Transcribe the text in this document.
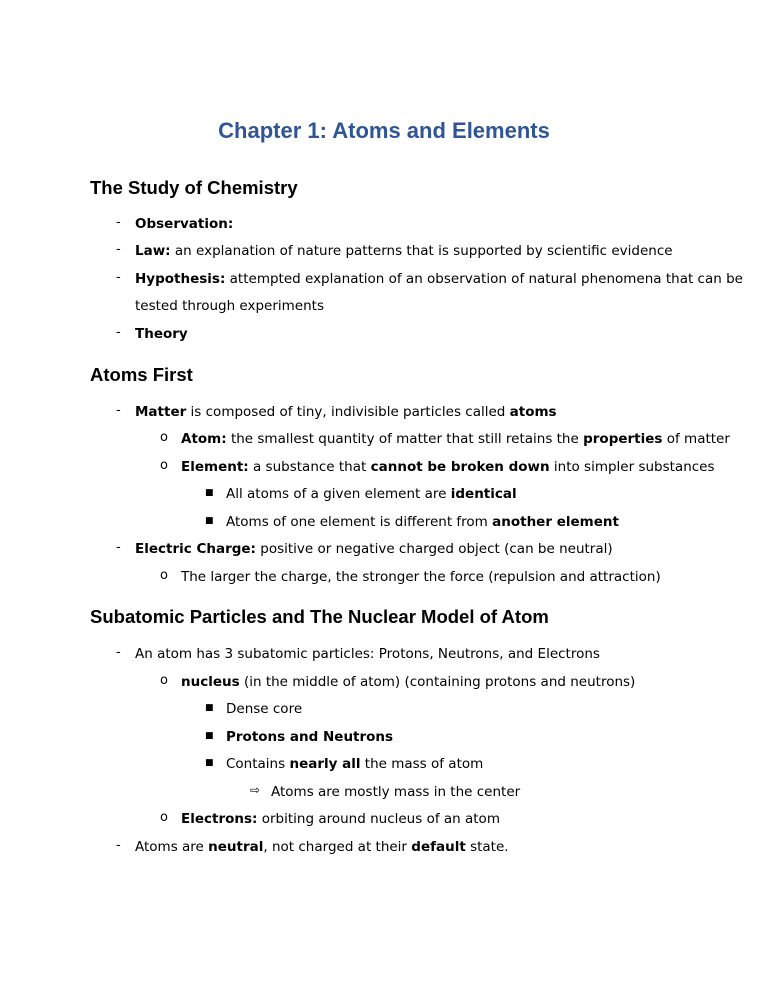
Chapter 1: Atoms and Elements
The Study of Chemistry
- Observation:
- Law: an explanation of nature patterns that is supported by scientific evidence
- Hypothesis: attempted explanation of an observation of natural phenomena that can be
tested through experiments
- Theory
Atoms First
- Matter is composed of tiny, indivisible particles called atoms
o Atom: the smallest quantity of matter that still retains the properties of matter
o Element: a substance that cannot be broken down into simpler substances
■ All atoms of a given element are identical
■ Atoms of one element is different from another element
- Electric Charge: positive or negative charged object (can be neutral)
o The larger the charge, the stronger the force (repulsion and attraction)
Subatomic Particles and The Nuclear Model of Atom
- An atom has 3 subatomic particles: Protons, Neutrons, and Electrons
o nucleus (in the middle of atom) (containing protons and neutrons)
■ Dense core
■ Protons and Neutrons
■ Contains nearly all the mass of atom
⇨ Atoms are mostly mass in the center
o Electrons: orbiting around nucleus of an atom
- Atoms are neutral, not charged at their default state.
